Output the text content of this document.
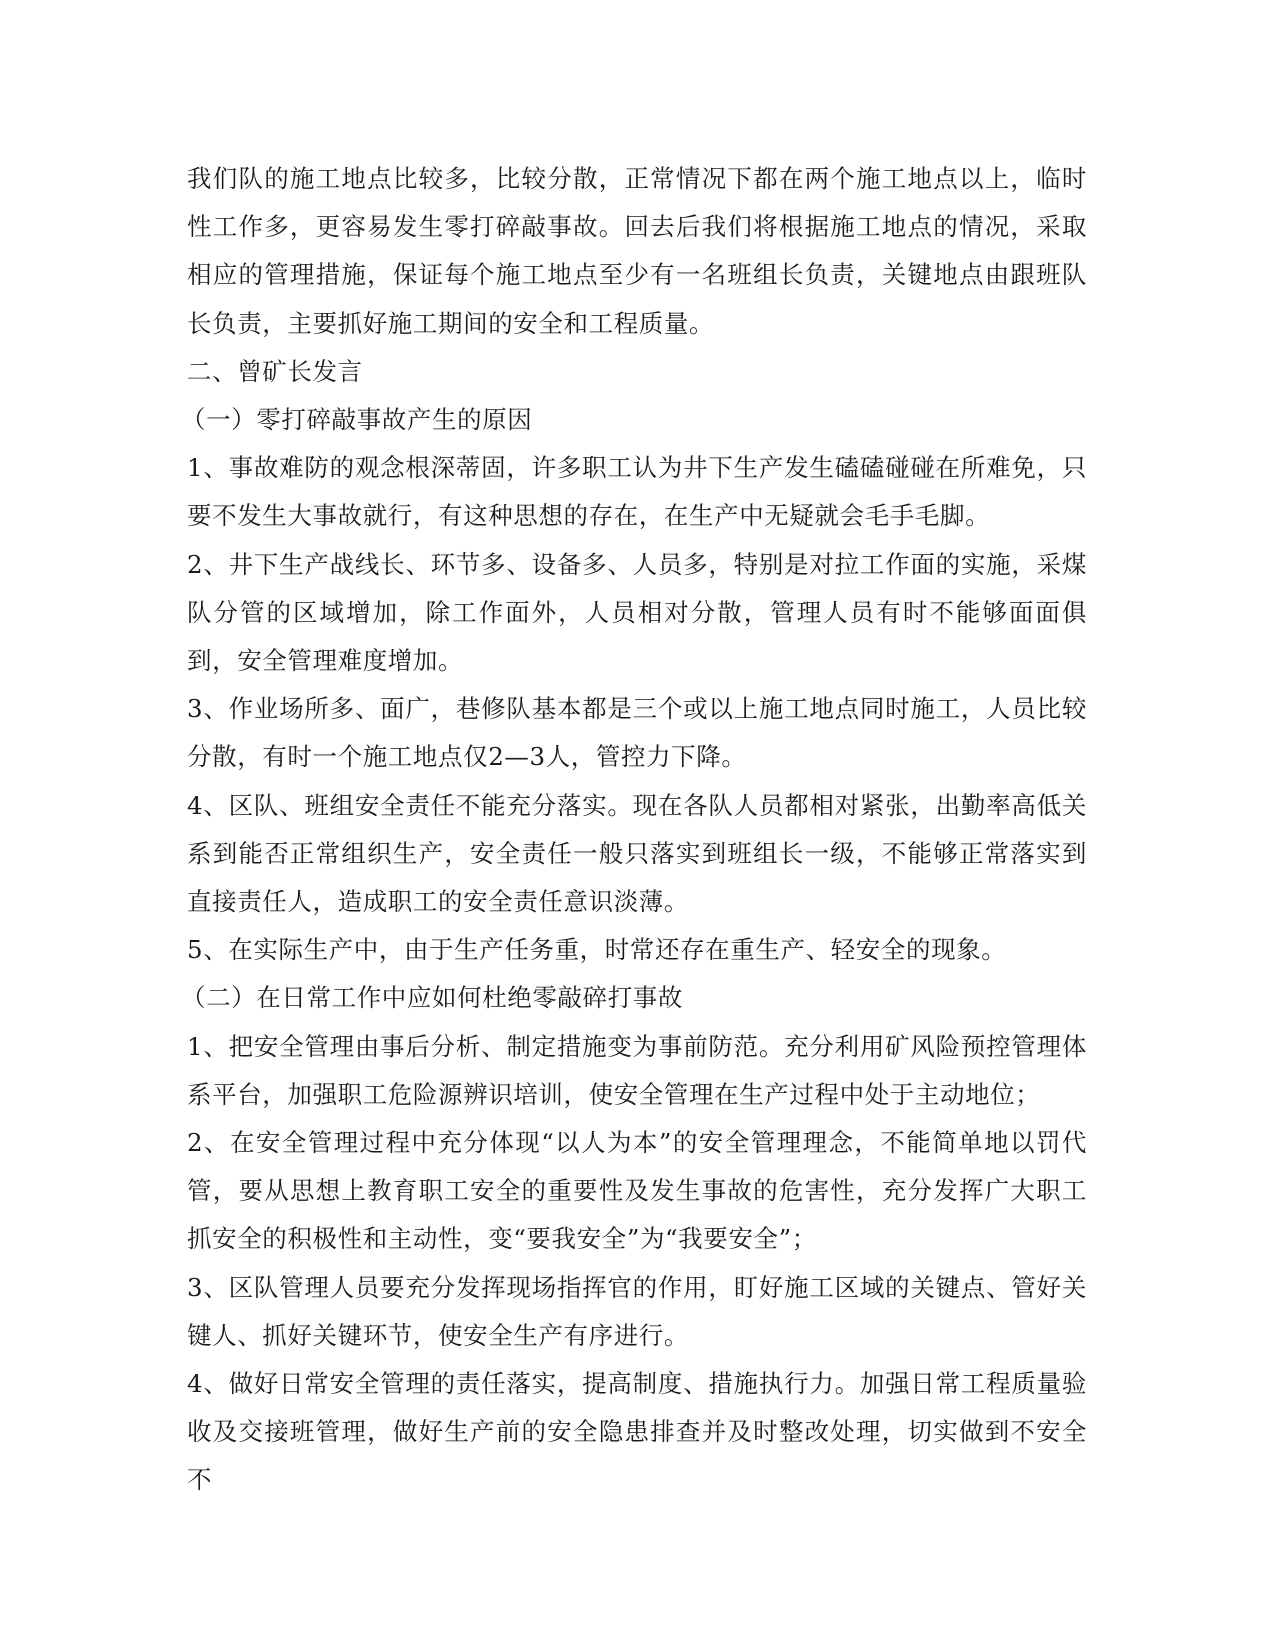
我们队的施工地点比较多，比较分散，正常情况下都在两个施工地点以上，临时性工作多，更容易发生零打碎敲事故。回去后我们将根据施工地点的情况，采取相应的管理措施，保证每个施工地点至少有一名班组长负责，关键地点由跟班队长负责，主要抓好施工期间的安全和工程质量。

二、曾矿长发言

（一）零打碎敲事故产生的原因

1、事故难防的观念根深蒂固，许多职工认为井下生产发生磕磕碰碰在所难免，只要不发生大事故就行，有这种思想的存在，在生产中无疑就会毛手毛脚。

2、井下生产战线长、环节多、设备多、人员多，特别是对拉工作面的实施，采煤队分管的区域增加，除工作面外，人员相对分散，管理人员有时不能够面面俱到，安全管理难度增加。

3、作业场所多、面广，巷修队基本都是三个或以上施工地点同时施工，人员比较分散，有时一个施工地点仅2—3人，管控力下降。

4、区队、班组安全责任不能充分落实。现在各队人员都相对紧张，出勤率高低关系到能否正常组织生产，安全责任一般只落实到班组长一级，不能够正常落实到直接责任人，造成职工的安全责任意识淡薄。

5、在实际生产中，由于生产任务重，时常还存在重生产、轻安全的现象。

（二）在日常工作中应如何杜绝零敲碎打事故

1、把安全管理由事后分析、制定措施变为事前防范。充分利用矿风险预控管理体系平台，加强职工危险源辨识培训，使安全管理在生产过程中处于主动地位；

2、在安全管理过程中充分体现“以人为本”的安全管理理念，不能简单地以罚代管，要从思想上教育职工安全的重要性及发生事故的危害性，充分发挥广大职工抓安全的积极性和主动性，变“要我安全”为“我要安全”；

3、区队管理人员要充分发挥现场指挥官的作用，盯好施工区域的关键点、管好关键人、抓好关键环节，使安全生产有序进行。

4、做好日常安全管理的责任落实，提高制度、措施执行力。加强日常工程质量验收及交接班管理，做好生产前的安全隐患排查并及时整改处理，切实做到不安全不
